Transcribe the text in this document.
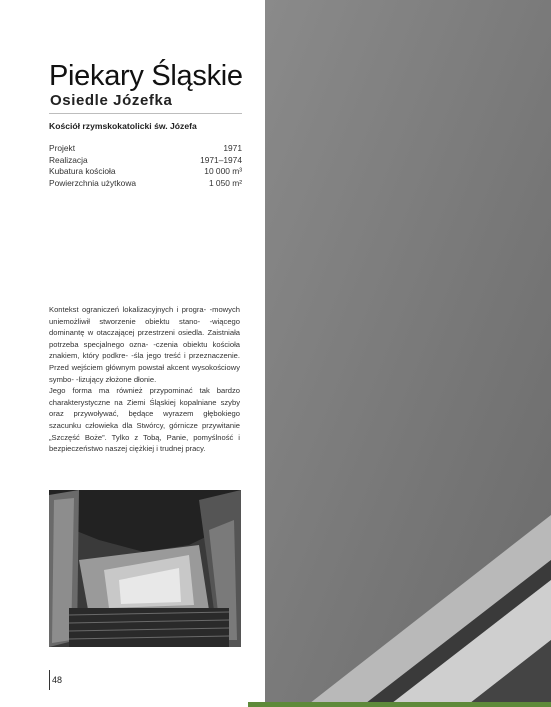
Piekary Śląskie
Osiedle Józefka
Kościół rzymskokatolicki św. Józefa
Projekt	1971
Realizacja	1971–1974
Kubatura kościoła	10 000 m³
Powierzchnia użytkowa	1 050 m²

Kontekst ograniczeń lokalizacyjnych i progra- -mowych uniemożliwił stworzenie obiektu stano- -wiącego dominantę w otaczającej przestrzeni osiedla. Zaistniała potrzeba specjalnego ozna- -czenia obiektu kościoła znakiem, który podkre- -śla jego treść i przeznaczenie. Przed wejściem głównym powstał akcent wysokościowy symbo- -lizujący złożone dłonie.

Jego forma ma również przypominać tak bardzo charakterystyczne na Ziemi Śląskiej kopalniane szyby oraz przywoływać, będące wyrazem głębokiego szacunku człowieka dla Stwórcy, górnicze przywitanie „Szczęść Boże”. Tylko z Tobą, Panie, pomyślność i bezpieczeństwo naszej ciężkiej i trudnej pracy.

48
